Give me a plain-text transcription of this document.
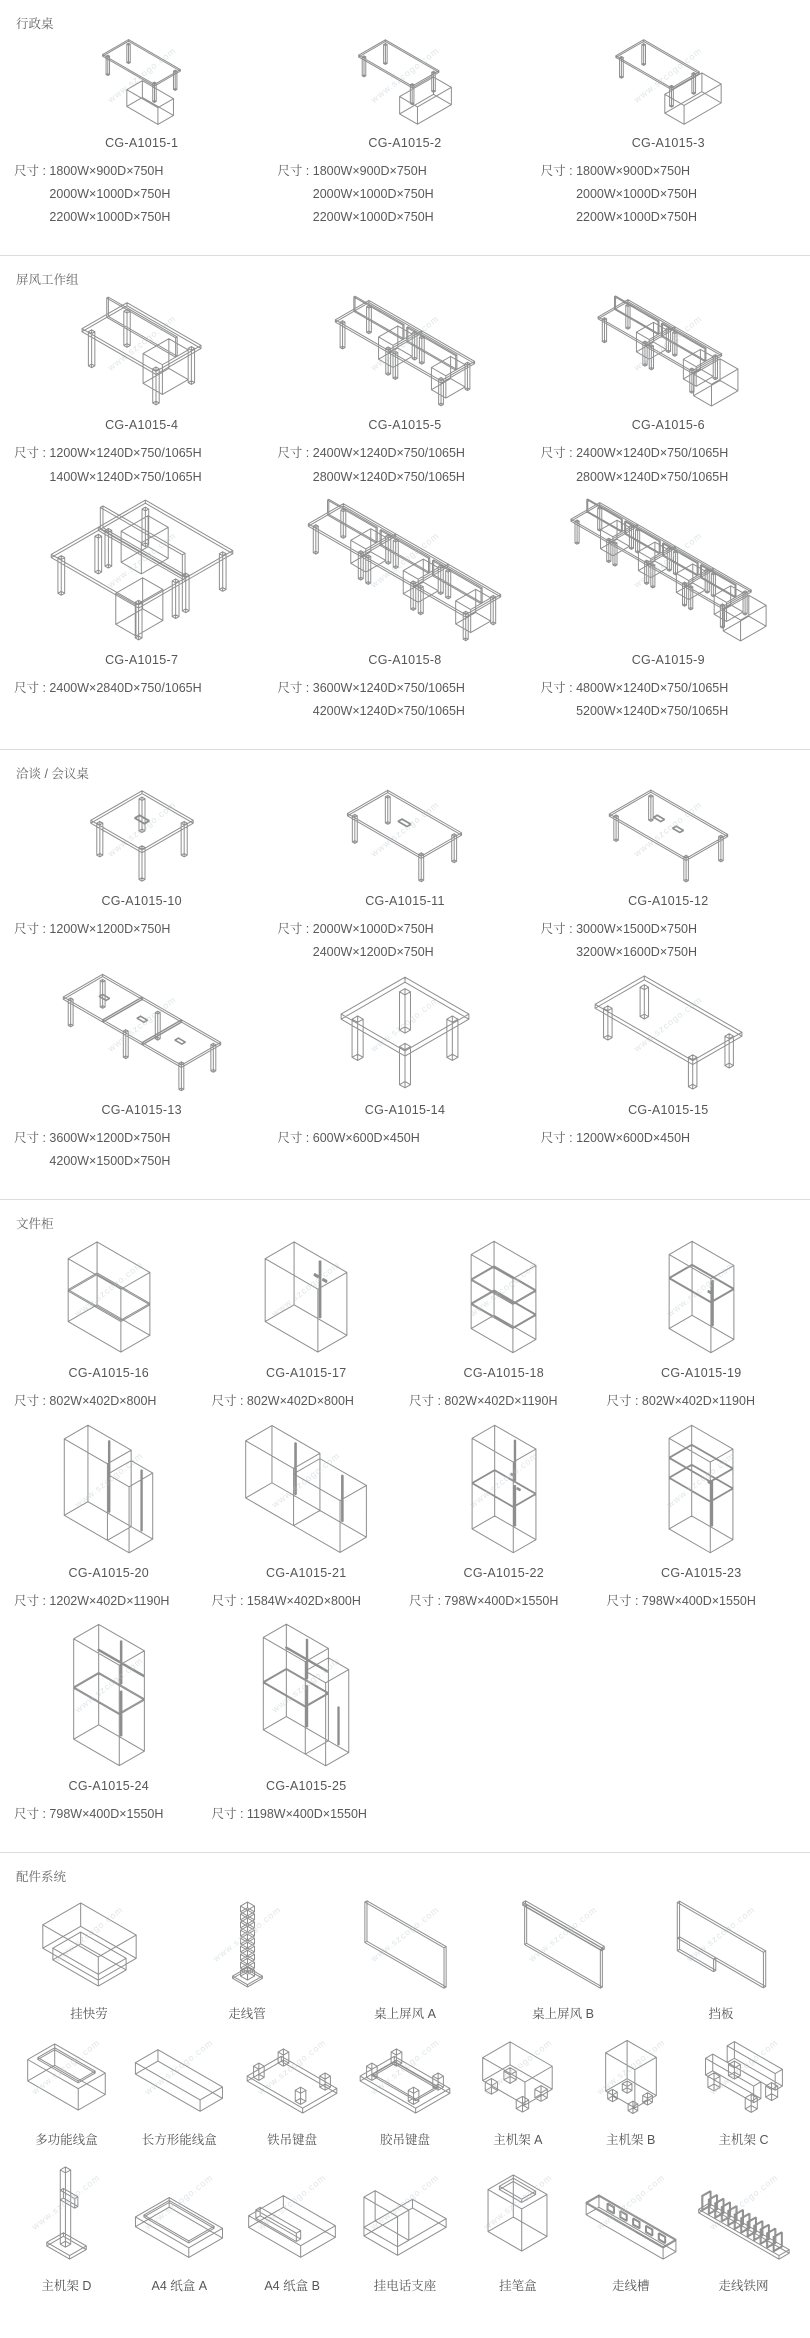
行政桌
www.szcogo.com
CG-A1015-1
尺寸 : 1800W×900D×750H
2000W×1000D×750H
2200W×1000D×750H
www.szcogo.com
CG-A1015-2
尺寸 : 1800W×900D×750H
2000W×1000D×750H
2200W×1000D×750H
www.szcogo.com
CG-A1015-3
尺寸 : 1800W×900D×750H
2000W×1000D×750H
2200W×1000D×750H
屏风工作组
www.szcogo.com
CG-A1015-4
尺寸 : 1200W×1240D×750/1065H
1400W×1240D×750/1065H
www.szcogo.com
CG-A1015-5
尺寸 : 2400W×1240D×750/1065H
2800W×1240D×750/1065H
www.szcogo.com
CG-A1015-6
尺寸 : 2400W×1240D×750/1065H
2800W×1240D×750/1065H
www.szcogo.com
CG-A1015-7
尺寸 : 2400W×2840D×750/1065H
www.szcogo.com
CG-A1015-8
尺寸 : 3600W×1240D×750/1065H
4200W×1240D×750/1065H
www.szcogo.com
CG-A1015-9
尺寸 : 4800W×1240D×750/1065H
5200W×1240D×750/1065H
洽谈 / 会议桌
www.szcogo.com
CG-A1015-10
尺寸 : 1200W×1200D×750H
www.szcogo.com
CG-A1015-11
尺寸 : 2000W×1000D×750H
2400W×1200D×750H
www.szcogo.com
CG-A1015-12
尺寸 : 3000W×1500D×750H
3200W×1600D×750H
www.szcogo.com
CG-A1015-13
尺寸 : 3600W×1200D×750H
4200W×1500D×750H
www.szcogo.com
CG-A1015-14
尺寸 : 600W×600D×450H
www.szcogo.com
CG-A1015-15
尺寸 : 1200W×600D×450H
文件柜
www.szcogo.com
CG-A1015-16
尺寸 : 802W×402D×800H
www.szcogo.com
CG-A1015-17
尺寸 : 802W×402D×800H
www.szcogo.com
CG-A1015-18
尺寸 : 802W×402D×1190H
www.szcogo.com
CG-A1015-19
尺寸 : 802W×402D×1190H
www.szcogo.com
CG-A1015-20
尺寸 : 1202W×402D×1190H
www.szcogo.com
CG-A1015-21
尺寸 : 1584W×402D×800H
www.szcogo.com
CG-A1015-22
尺寸 : 798W×400D×1550H
www.szcogo.com
CG-A1015-23
尺寸 : 798W×400D×1550H
www.szcogo.com
CG-A1015-24
尺寸 : 798W×400D×1550H
www.szcogo.com
CG-A1015-25
尺寸 : 1198W×400D×1550H
配件系统
www.szcogo.com
挂快劳
www.szcogo.com
走线管
www.szcogo.com
桌上屏风 A
www.szcogo.com
桌上屏风 B
www.szcogo.com
挡板
www.szcogo.com
多功能线盒
www.szcogo.com
长方形能线盒
www.szcogo.com
铁吊键盘
www.szcogo.com
胶吊键盘
www.szcogo.com
主机架 A
www.szcogo.com
主机架 B
www.szcogo.com
主机架 C
www.szcogo.com
主机架 D
www.szcogo.com
A4 纸盒 A
www.szcogo.com
A4 纸盒 B
www.szcogo.com
挂电话支座
www.szcogo.com
挂笔盒
www.szcogo.com
走线槽
www.szcogo.com
走线铁网
